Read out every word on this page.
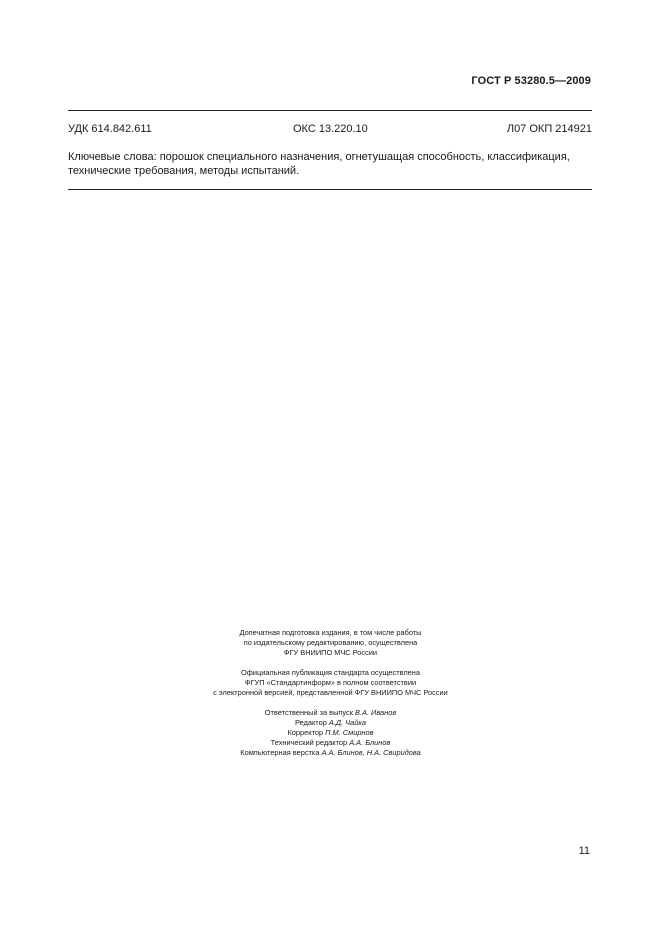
ГОСТ Р 53280.5—2009
УДК 614.842.611	ОКС 13.220.10	Л07 ОКП 214921
Ключевые слова: порошок специального назначения, огнетушащая способность, классификация,
технические требования, методы испытаний.
Допечатная подготовка издания, в том числе работы
по издательскому редактированию, осуществлена
ФГУ ВНИИПО МЧС России
Официальная публикация стандарта осуществлена
ФГУП «Стандартинформ» в полном соответствии
с электронной версией, представленной ФГУ ВНИИПО МЧС России
Ответственный за выпуск В.А. Иванов
Редактор А.Д. Чайка
Корректор П.М. Смирнов
Технический редактор А.А. Блинов
Компьютерная верстка А.А. Блинов, Н.А. Свиридова
11
